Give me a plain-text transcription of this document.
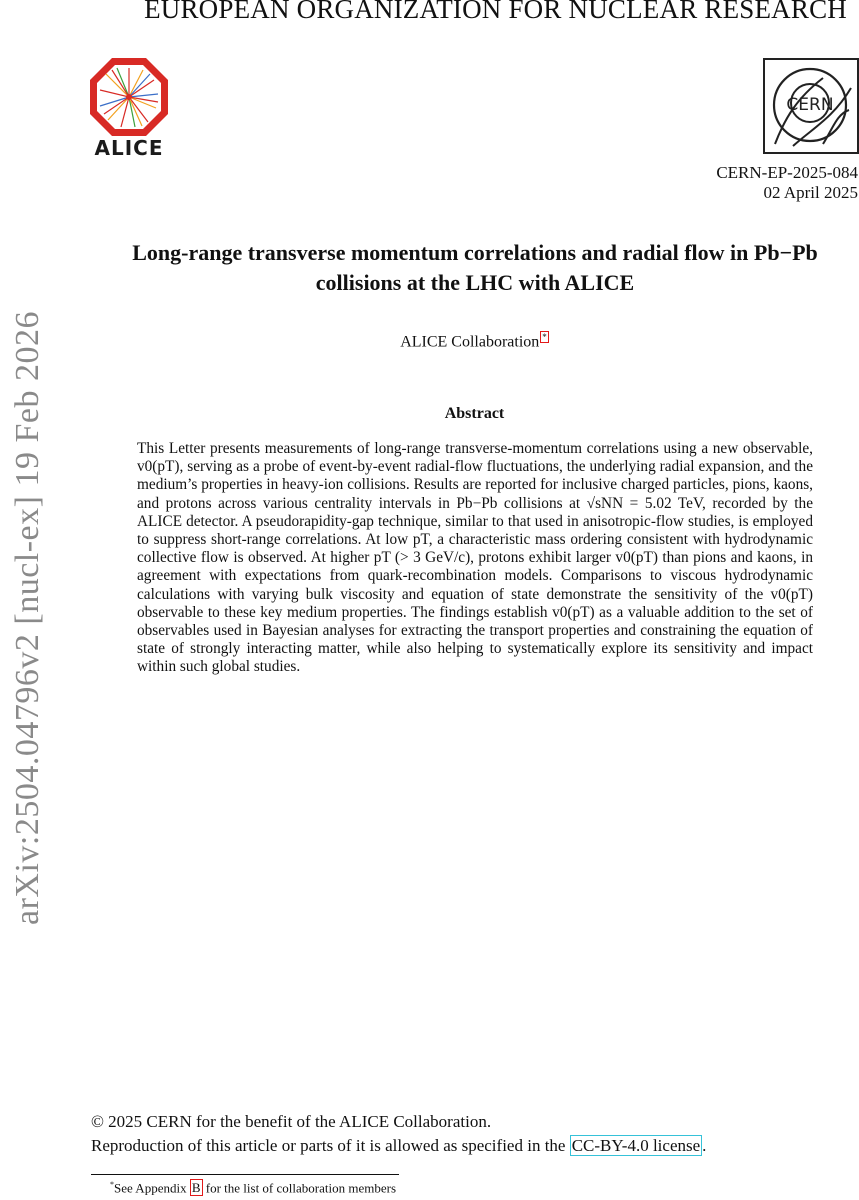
EUROPEAN ORGANIZATION FOR NUCLEAR RESEARCH
ALICE
CERN
CERN-EP-2025-084
02 April 2025
Long-range transverse momentum correlations and radial flow in Pb−Pb
collisions at the LHC with ALICE
ALICE Collaboration *
Abstract

This Letter presents measurements of long-range transverse-momentum correlations using a new observable, v0(pT), serving as a probe of event-by-event radial-flow fluctuations, the underlying radial expansion, and the medium’s properties in heavy-ion collisions. Results are reported for inclusive charged particles, pions, kaons, and protons across various centrality intervals in Pb−Pb collisions at √sNN = 5.02 TeV, recorded by the ALICE detector. A pseudorapidity-gap technique, similar to that used in anisotropic-flow studies, is employed to suppress short-range correlations. At low pT, a characteristic mass ordering consistent with hydrodynamic collective flow is observed. At higher pT (> 3 GeV/c), protons exhibit larger v0(pT) than pions and kaons, in agreement with expectations from quark-recombination models. Comparisons to viscous hydrodynamic calculations with varying bulk viscosity and equation of state demonstrate the sensitivity of the v0(pT) observable to these key medium properties. The findings establish v0(pT) as a valuable addition to the set of observables used in Bayesian analyses for extracting the transport properties and constraining the equation of state of strongly interacting matter, while also helping to systematically explore its sensitivity and impact within such global studies.

arXiv:2504.04796v2 [nucl-ex] 19 Feb 2026
© 2025 CERN for the benefit of the ALICE Collaboration.
Reproduction of this article or parts of it is allowed as specified in the CC-BY-4.0 license .
*See Appendix B for the list of collaboration members
